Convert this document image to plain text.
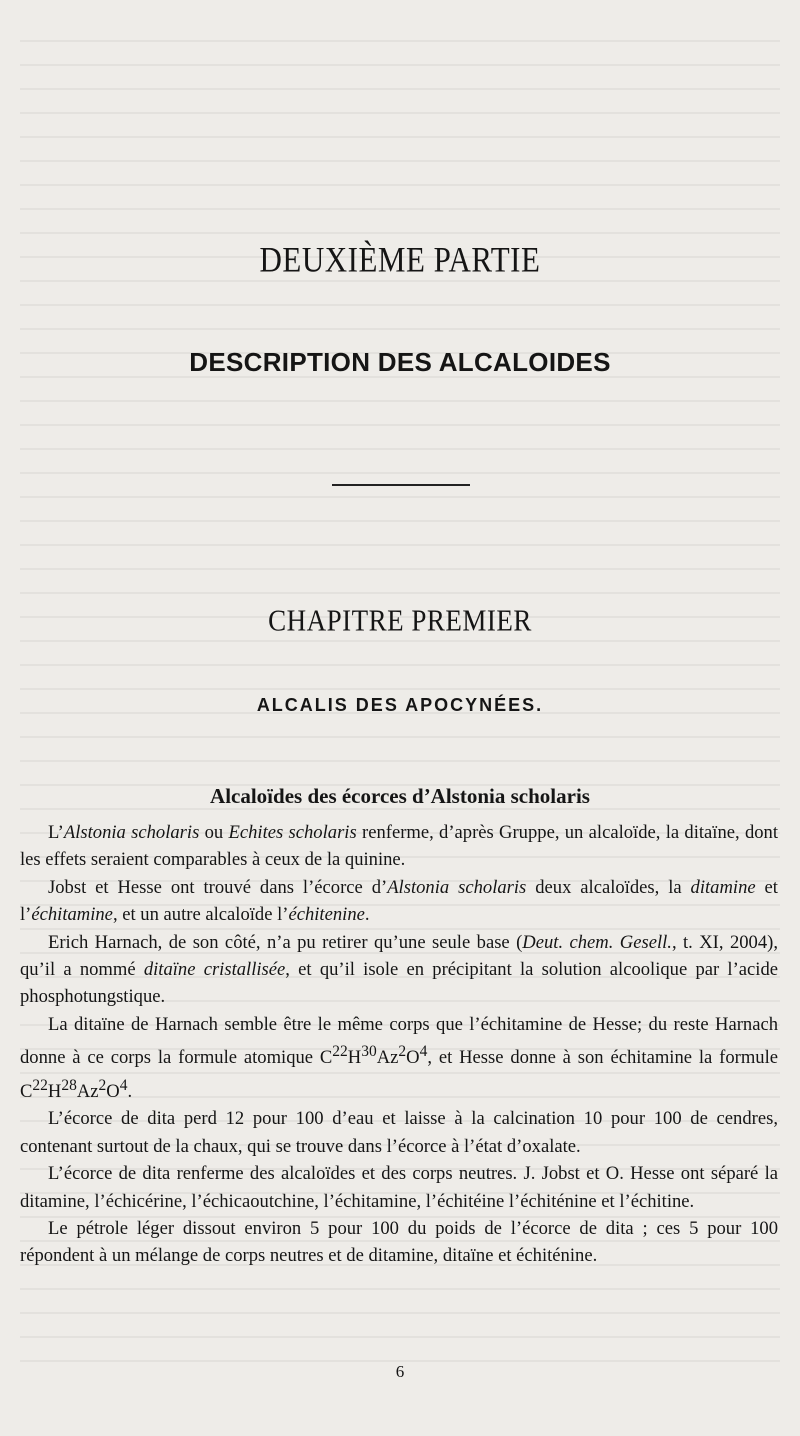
DEUXIÈME PARTIE
DESCRIPTION DES ALCALOIDES
CHAPITRE PREMIER
ALCALIS DES APOCYNÉES.
Alcaloïdes des écorces d’Alstonia scholaris

L’Alstonia scholaris ou Echites scholaris renferme, d’après Gruppe, un alcaloïde, la ditaïne, dont les effets seraient comparables à ceux de la quinine.

Jobst et Hesse ont trouvé dans l’écorce d’Alstonia scholaris deux alcaloïdes, la ditamine et l’échitamine, et un autre alcaloïde l’échitenine.

Erich Harnach, de son côté, n’a pu retirer qu’une seule base (Deut. chem. Gesell., t. XI, 2004), qu’il a nommé ditaïne cristallisée, et qu’il isole en précipitant la solution alcoolique par l’acide phosphotungstique.

La ditaïne de Harnach semble être le même corps que l’échitamine de Hesse; du reste Harnach donne à ce corps la formule atomique $C^{22}H^{30}Az^2O^4$, et Hesse donne à son échitamine la formule $C^{22}H^{28}Az^2O^4$.

L’écorce de dita perd 12 pour 100 d’eau et laisse à la calcination 10 pour 100 de cendres, contenant surtout de la chaux, qui se trouve dans l’écorce à l’état d’oxalate.

L’écorce de dita renferme des alcaloïdes et des corps neutres. J. Jobst et O. Hesse ont séparé la ditamine, l’échicérine, l’échicaoutchine, l’échitamine, l’échitéine l’échiténine et l’échitine.

Le pétrole léger dissout environ 5 pour 100 du poids de l’écorce de dita ; ces 5 pour 100 répondent à un mélange de corps neutres et de ditamine, ditaïne et échiténine.

6
